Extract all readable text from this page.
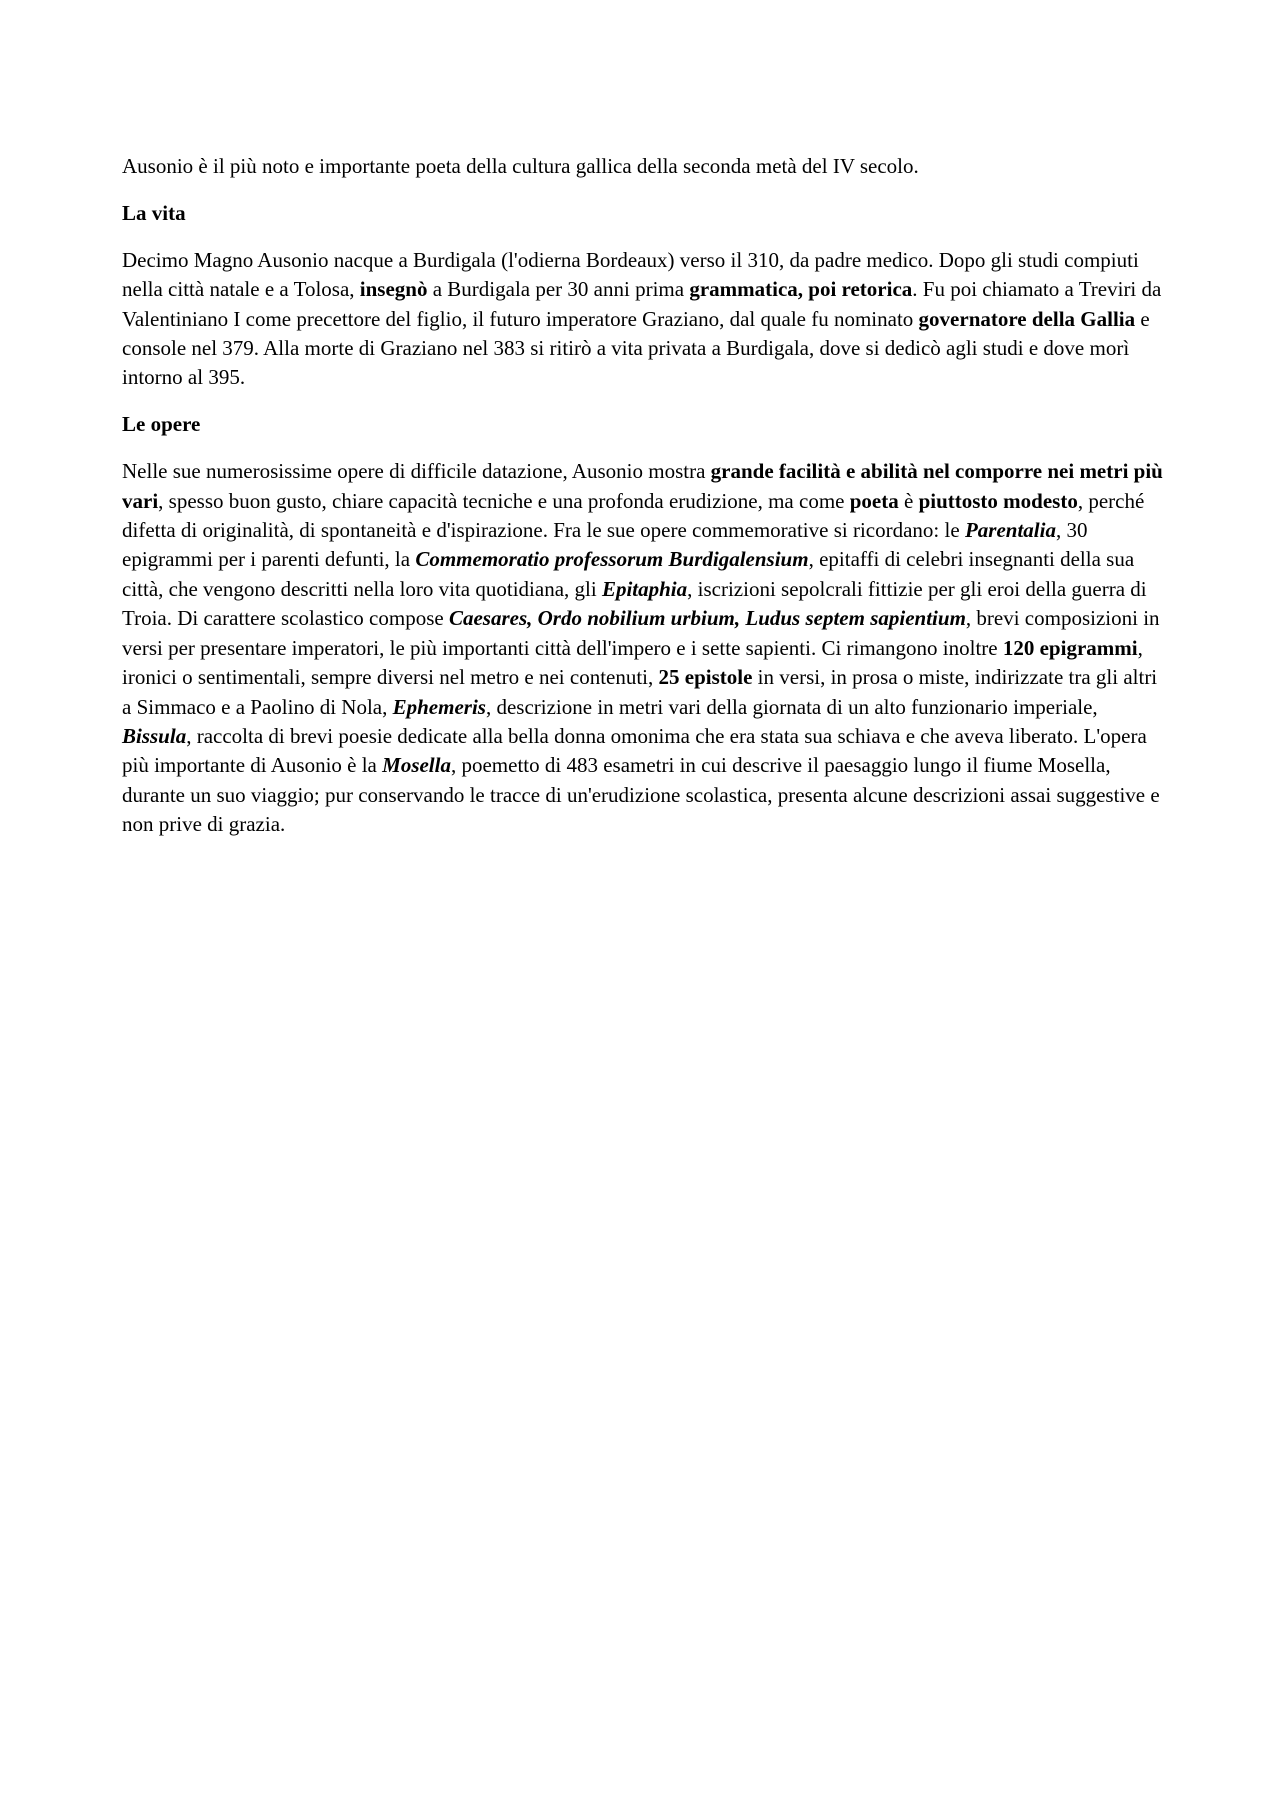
Ausonio è il più noto e importante poeta della cultura gallica della seconda metà del IV secolo.

La vita

Decimo Magno Ausonio nacque a Burdigala (l'odierna Bordeaux) verso il 310, da padre medico. Dopo gli studi compiuti nella città natale e a Tolosa, insegnò a Burdigala per 30 anni prima grammatica, poi retorica. Fu poi chiamato a Treviri da Valentiniano I come precettore del figlio, il futuro imperatore Graziano, dal quale fu nominato governatore della Gallia e console nel 379. Alla morte di Graziano nel 383 si ritirò a vita privata a Burdigala, dove si dedicò agli studi e dove morì intorno al 395.

Le opere

Nelle sue numerosissime opere di difficile datazione, Ausonio mostra grande facilità e abilità nel comporre nei metri più vari, spesso buon gusto, chiare capacità tecniche e una profonda erudizione, ma come poeta è piuttosto modesto, perché difetta di originalità, di spontaneità e d'ispirazione. Fra le sue opere commemorative si ricordano: le Parentalia, 30 epigrammi per i parenti defunti, la Commemoratio professorum Burdigalensium, epitaffi di celebri insegnanti della sua città, che vengono descritti nella loro vita quotidiana, gli Epitaphia, iscrizioni sepolcrali fittizie per gli eroi della guerra di Troia. Di carattere scolastico compose Caesares, Ordo nobilium urbium, Ludus septem sapientium, brevi composizioni in versi per presentare imperatori, le più importanti città dell'impero e i sette sapienti. Ci rimangono inoltre 120 epigrammi, ironici o sentimentali, sempre diversi nel metro e nei contenuti, 25 epistole in versi, in prosa o miste, indirizzate tra gli altri a Simmaco e a Paolino di Nola, Ephemeris, descrizione in metri vari della giornata di un alto funzionario imperiale, Bissula, raccolta di brevi poesie dedicate alla bella donna omonima che era stata sua schiava e che aveva liberato. L'opera più importante di Ausonio è la Mosella, poemetto di 483 esametri in cui descrive il paesaggio lungo il fiume Mosella, durante un suo viaggio; pur conservando le tracce di un'erudizione scolastica, presenta alcune descrizioni assai suggestive e non prive di grazia.
